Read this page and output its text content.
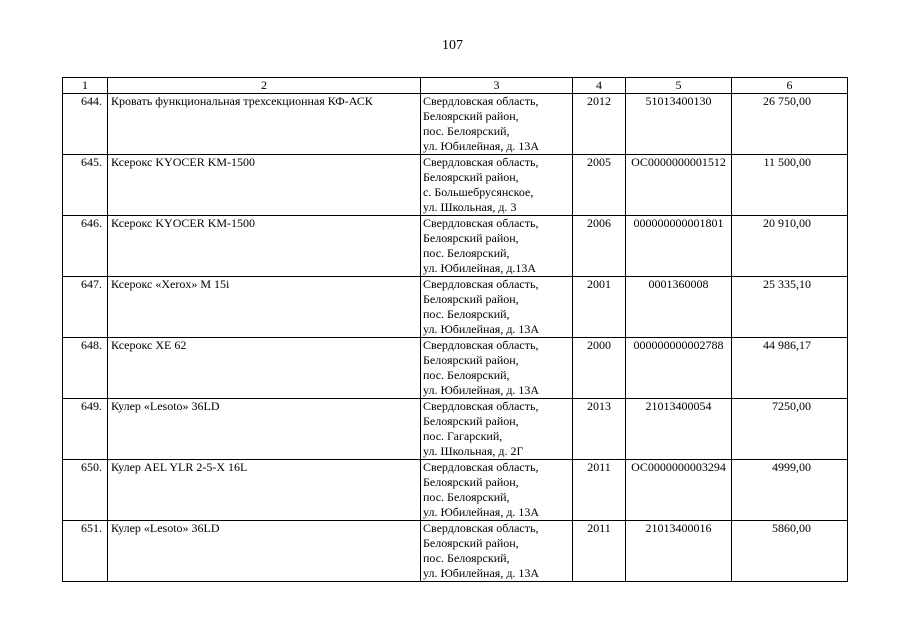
107
1	2	3	4	5	6
644.	Кровать функциональная трехсекционная КФ-АСК	Свердловская область,
Белоярский район,
пос. Белоярский,
ул. Юбилейная, д. 13А	2012	51013400130	26 750,00
645.	Ксерокс KYOCER KM-1500	Свердловская область,
Белоярский район,
с. Большебрусянское,
ул. Школьная, д. 3	2005	ОС0000000001512	11 500,00
646.	Ксерокс KYOCER KM-1500	Свердловская область,
Белоярский район,
пос. Белоярский,
ул. Юбилейная, д.13А	2006	000000000001801	20 910,00
647.	Ксерокс «Xerox» M 15i	Свердловская область,
Белоярский район,
пос. Белоярский,
ул. Юбилейная, д. 13А	2001	0001360008	25 335,10
648.	Ксерокс XE 62	Свердловская область,
Белоярский район,
пос. Белоярский,
ул. Юбилейная, д. 13А	2000	000000000002788	44 986,17
649.	Кулер «Lesoto» 36LD	Свердловская область,
Белоярский район,
пос. Гагарский,
ул. Школьная, д. 2Г	2013	21013400054	7250,00
650.	Кулер AEL YLR 2-5-X 16L	Свердловская область,
Белоярский район,
пос. Белоярский,
ул. Юбилейная, д. 13А	2011	ОС0000000003294	4999,00
651.	Кулер «Lesoto» 36LD	Свердловская область,
Белоярский район,
пос. Белоярский,
ул. Юбилейная, д. 13А	2011	21013400016	5860,00
